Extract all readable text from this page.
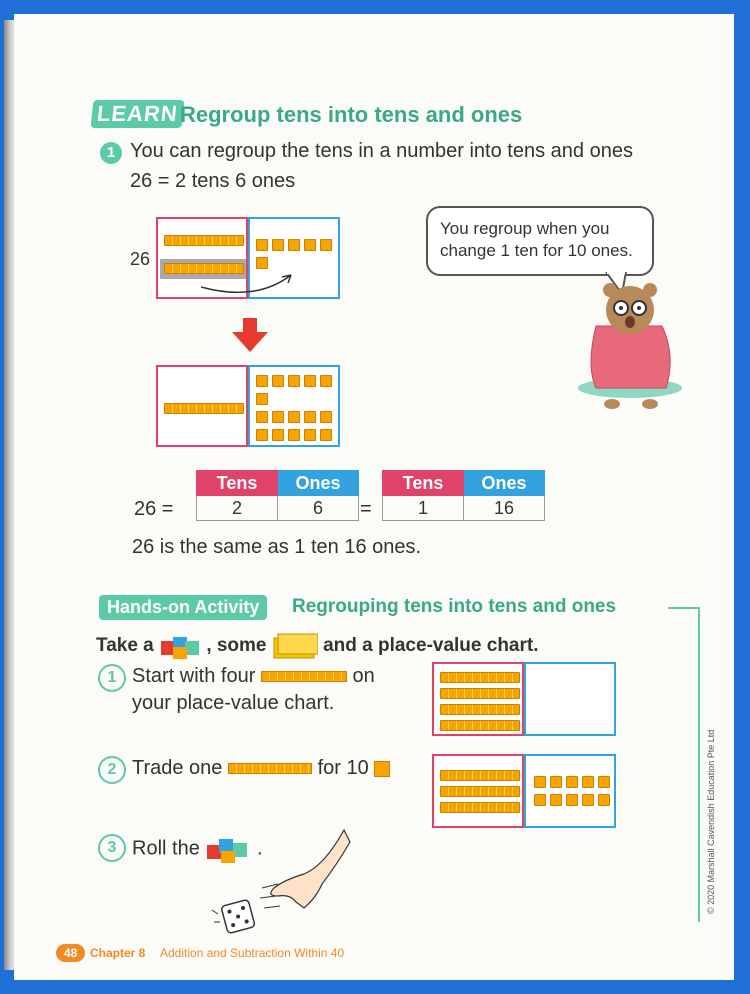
LEARN Regroup tens into tens and ones
1 You can regroup the tens in a number into tens and ones
26 = 2 tens 6 ones
26
You regroup when you
change 1 ten for 10 ones.
26 =
Tens	Ones
2	6 =
Tens	Ones
1	16
26 is the same as 1 ten 16 ones.
Hands-on Activity	Regrouping tens into tens and ones
Take a	, some	and a place-value chart.
1 Start with four	on
your place-value chart.
2 Trade one	for 10
3 Roll the	.	© 2020 Marshall Cavendish Education Pte Ltd
48	Chapter 8 Addition and Subtraction Within 40
